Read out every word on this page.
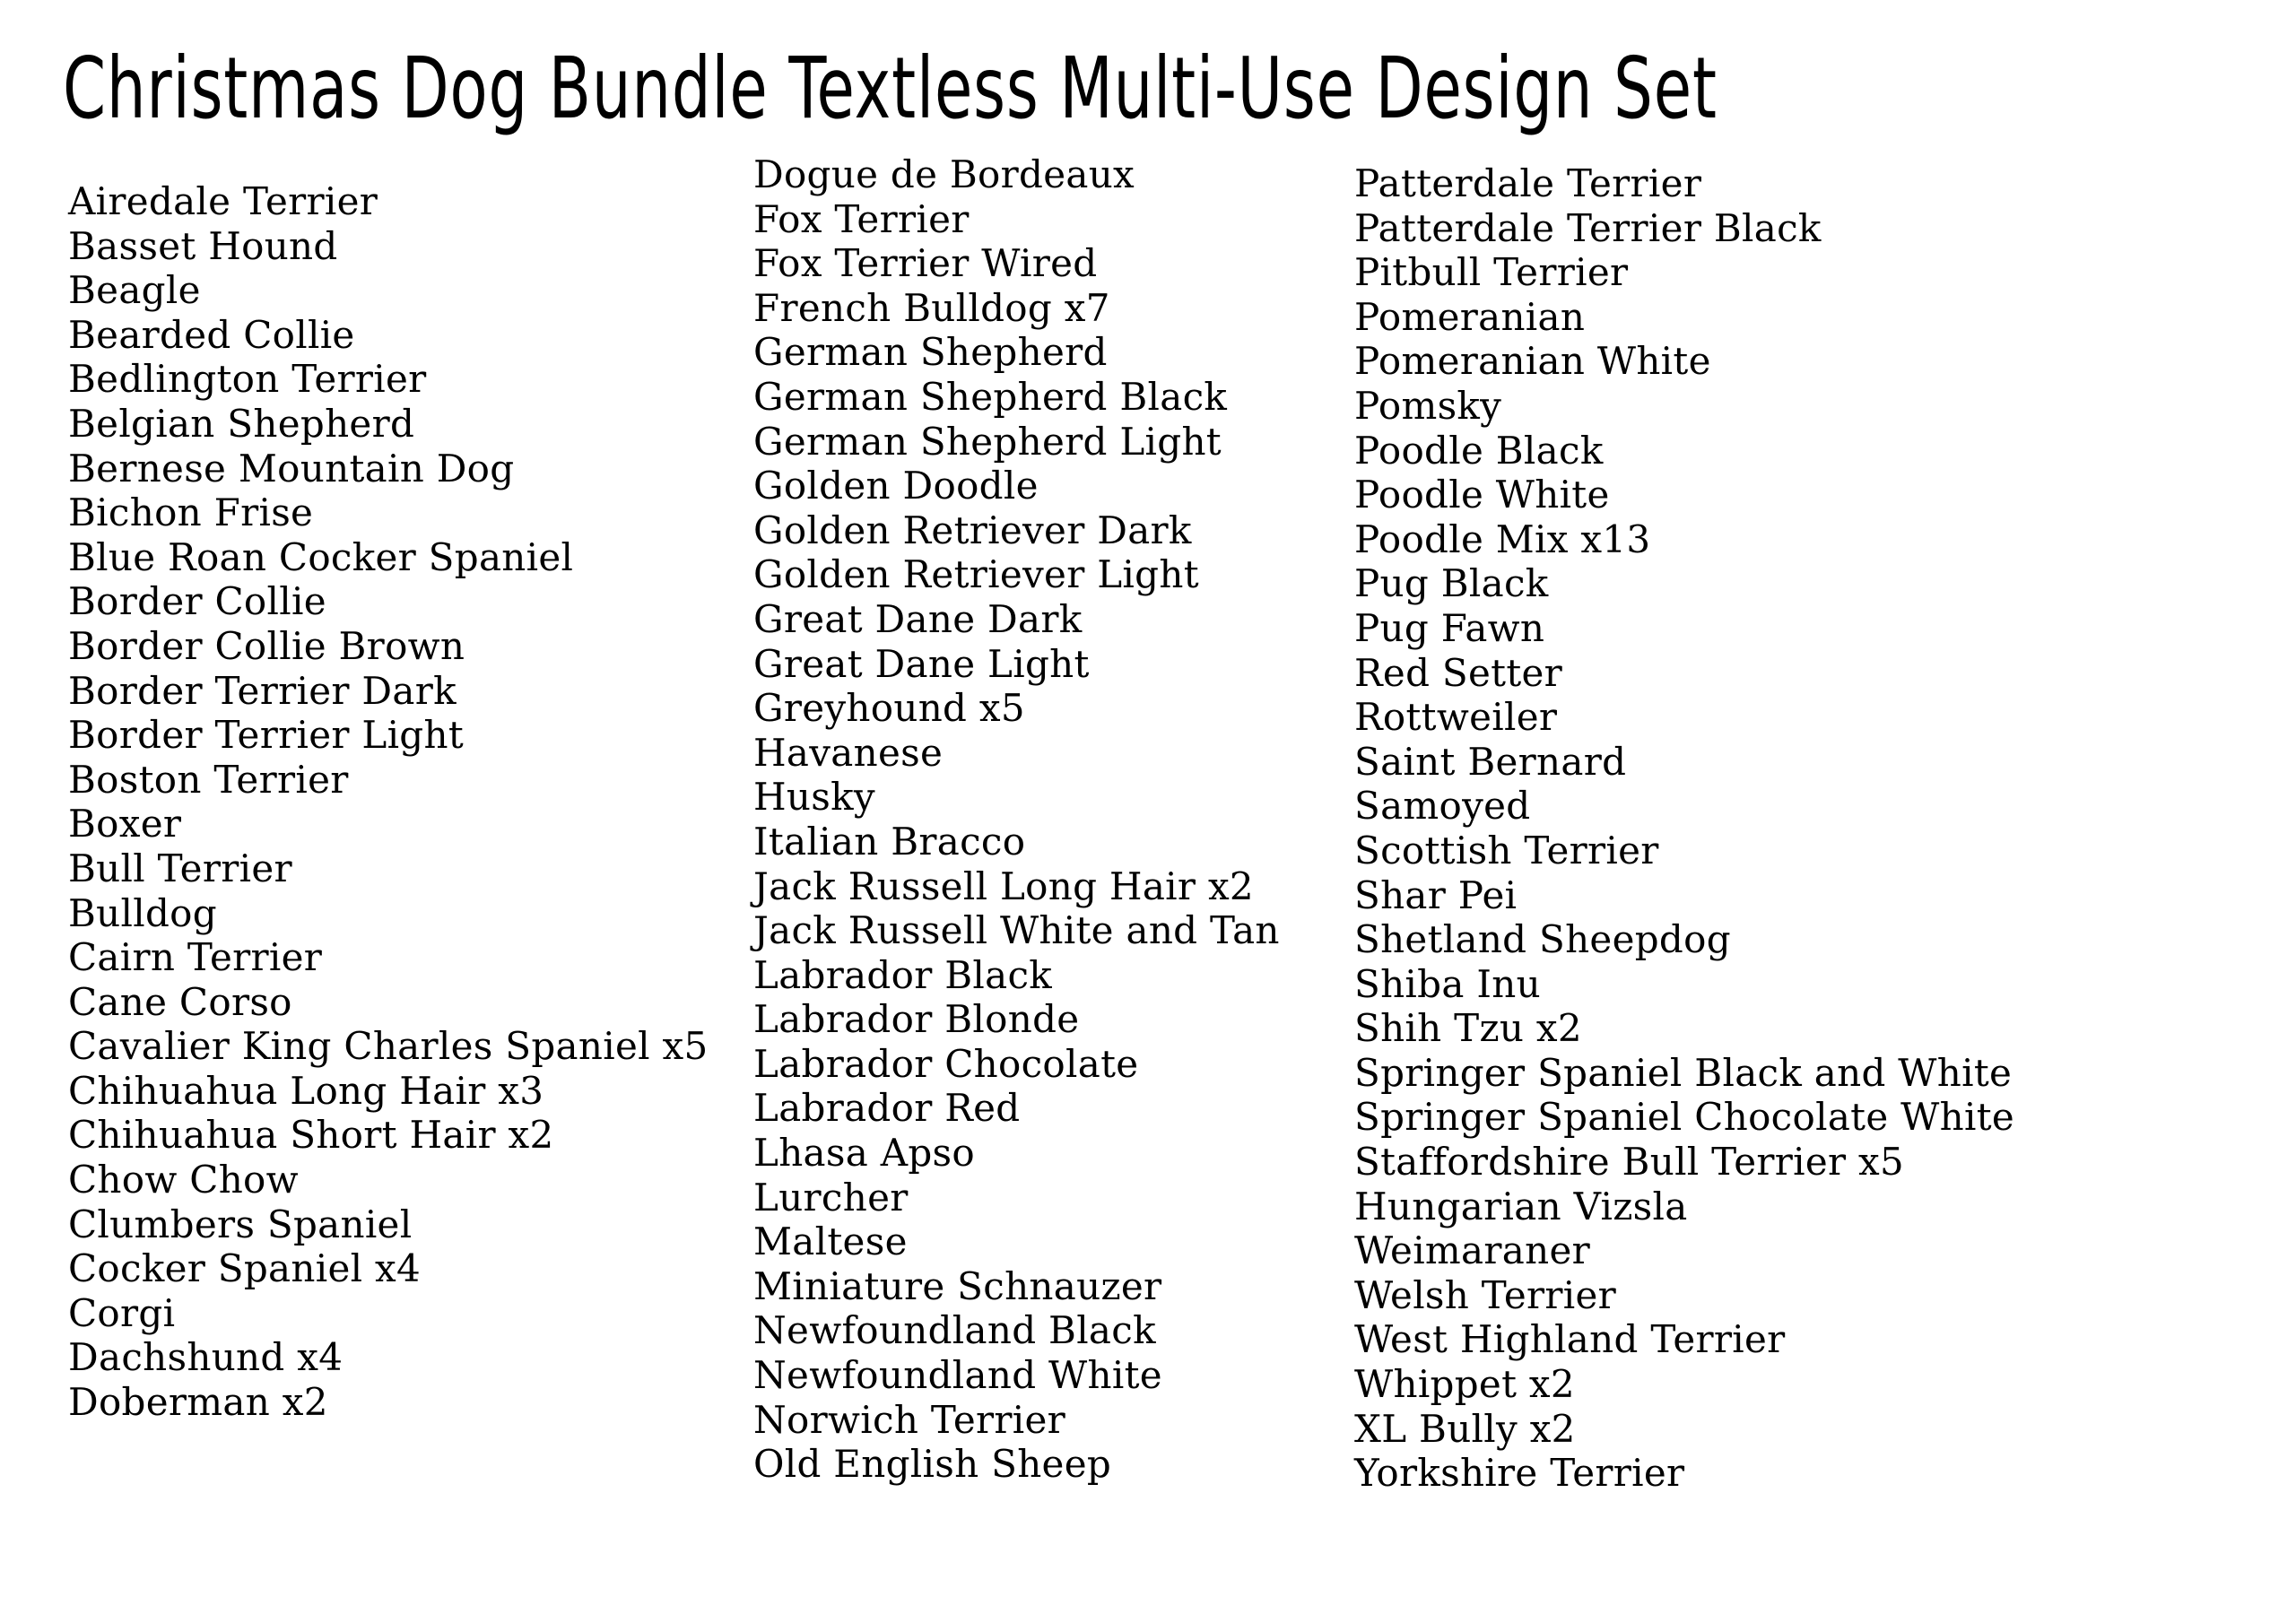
Christmas Dog Bundle Textless Multi-Use Design Set
Airedale Terrier
Basset Hound
Beagle
Bearded Collie
Bedlington Terrier
Belgian Shepherd
Bernese Mountain Dog
Bichon Frise
Blue Roan Cocker Spaniel
Border Collie
Border Collie Brown
Border Terrier Dark
Border Terrier Light
Boston Terrier
Boxer
Bull Terrier
Bulldog
Cairn Terrier
Cane Corso
Cavalier King Charles Spaniel x5
Chihuahua Long Hair x3
Chihuahua Short Hair x2
Chow Chow
Clumbers Spaniel
Cocker Spaniel x4
Corgi
Dachshund x4
Doberman x2
Dogue de Bordeaux
Fox Terrier
Fox Terrier Wired
French Bulldog x7
German Shepherd
German Shepherd Black
German Shepherd Light
Golden Doodle
Golden Retriever Dark
Golden Retriever Light
Great Dane Dark
Great Dane Light
Greyhound x5
Havanese
Husky
Italian Bracco
Jack Russell Long Hair x2
Jack Russell White and Tan
Labrador Black
Labrador Blonde
Labrador Chocolate
Labrador Red
Lhasa Apso
Lurcher
Maltese
Miniature Schnauzer
Newfoundland Black
Newfoundland White
Norwich Terrier
Old English Sheep
Patterdale Terrier
Patterdale Terrier Black
Pitbull Terrier
Pomeranian
Pomeranian White
Pomsky
Poodle Black
Poodle White
Poodle Mix x13
Pug Black
Pug Fawn
Red Setter
Rottweiler
Saint Bernard
Samoyed
Scottish Terrier
Shar Pei
Shetland Sheepdog
Shiba Inu
Shih Tzu x2
Springer Spaniel Black and White
Springer Spaniel Chocolate White
Staffordshire Bull Terrier x5
Hungarian Vizsla
Weimaraner
Welsh Terrier
West Highland Terrier
Whippet x2
XL Bully x2
Yorkshire Terrier
